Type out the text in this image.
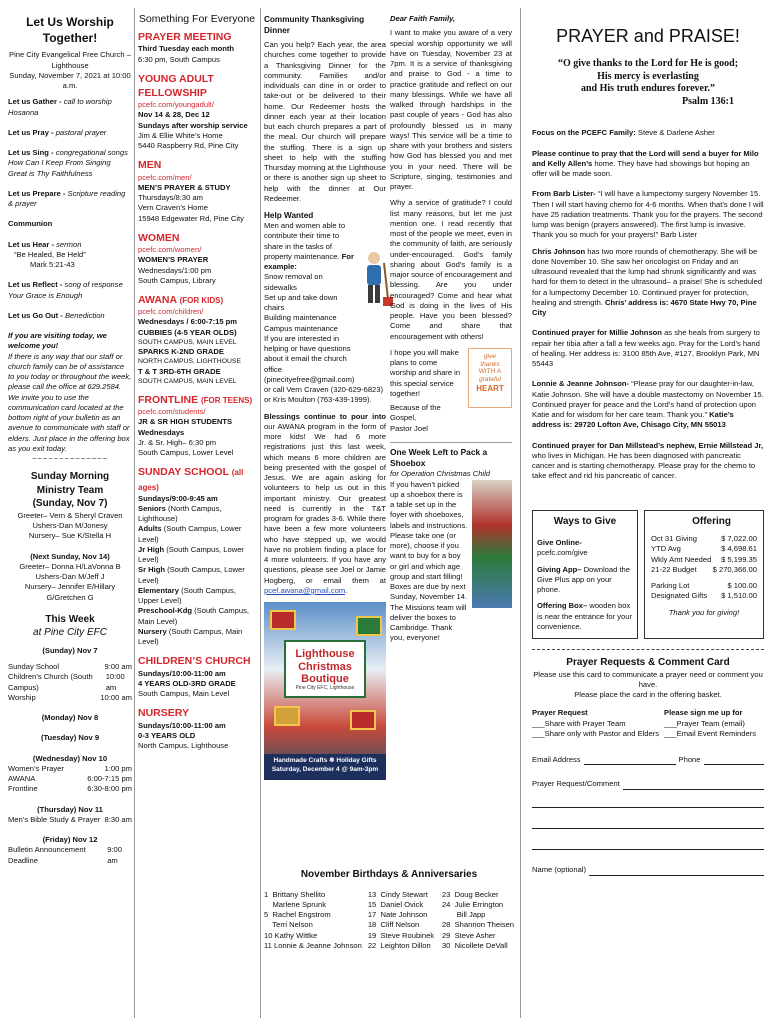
Let Us Worship Together!
Pine City Evangelical Free Church – Lighthouse
Sunday, November 7, 2021 at 10:00 a.m.
Let us Gather - call to worship
Hosanna
Let us Pray - pastoral prayer
Let us Sing - congregational songs
How Can I Keep From Singing
Great is Thy Faithfulness
Let us Prepare - Scripture reading & prayer
Communion
Let us Hear - sermon
“Be Healed, Be Held”
Mark 5:21-43
Let us Reflect - song of response
Your Grace is Enough
Let us Go Out - Benediction
If you are visiting today, we welcome you!
If there is any way that our staff or church family can be of assistance to you today or throughout the week, please call the office at 629.2584. We invite you to use the communication card located at the bottom right of your bulletin as an avenue to communicate with staff or elders. Just place in the offering box as you exit today.
~~~~~~~~~~~~~~
Sunday Morning
Ministry Team
(Sunday, Nov 7)
Greeter– Vern & Sheryl Craven
Ushers-Dan M/Jonesy
Nursery– Sue K/Stella H
(Next Sunday, Nov 14)
Greeter– Donna H/LaVonna B
Ushers-Dan M/Jeff J
Nursery– Jennifer E/Hillary G/Gretchen G
This Week
at Pine City EFC
(Sunday) Nov 7
Sunday School	9:00 am
Children’s Church (South Campus)
10:00 am
Worship	10:00 am
(Monday) Nov 8
(Tuesday) Nov 9
(Wednesday) Nov 10
Women’s Prayer	1:00 pm
AWANA	6:00-7:15 pm
Frontline	6:30-8:00 pm
(Thursday) Nov 11
Men’s Bible Study & Prayer 8:30 am
(Friday) Nov 12
Bulletin Announcement Deadline
9:00 am
Something For Everyone
PRAYER MEETING
Third Tuesday each month
6:30 pm, South Campus
YOUNG ADULT FELLOWSHIP
pcefc.com/youngadult/
Nov 14 & 28, Dec 12
Sundays after worship service
Jim & Ellie White’s Home
5440 Raspberry Rd, Pine City
MEN
pcefc.com/men/
MEN’S PRAYER & STUDY
Thursdays/8:30 am
Vern Craven’s Home
15948 Edgewater Rd, Pine City
WOMEN
pcefc.com/women/
WOMEN’S PRAYER
Wednesdays/1:00 pm
South Campus, Library
AWANA (FOR KIDS)
pcefc.com/children/
Wednesdays / 6:00-7:15 pm
CUBBIES (4-5 YEAR OLDS)
SOUTH CAMPUS, MAIN LEVEL
SPARKS K-2ND GRADE
NORTH CAMPUS, LIGHTHOUSE
T & T 3RD-6TH GRADE
SOUTH CAMPUS, MAIN LEVEL
FRONTLINE (FOR TEENS)
pcefc.com/students/
JR & SR HIGH STUDENTS
Wednesdays
Jr. & Sr. High– 6:30 pm
South Campus, Lower Level
SUNDAY SCHOOL (all ages)
Sundays/9:00-9:45 am
Seniors (North Campus, Lighthouse)
Adults (South Campus, Lower Level)
Jr High (South Campus, Lower Level)
Sr High (South Campus, Lower Level)
Elementary (South Campus, Upper Level)
Preschool-Kdg (South Campus, Main Level)
Nursery (South Campus, Main Level)
CHILDREN’S CHURCH
Sundays/10:00-11:00 am
4 YEARS OLD-3RD GRADE
South Campus, Main Level
NURSERY
Sundays/10:00-11:00 am
0-3 YEARS OLD
North Campus, Lighthouse
Community Thanksgiving Dinner
Can you help? Each year, the area churches come together to provide a Thanksgiving Dinner for the community. Families and/or individuals can dine in or order to take-out or be delivered to their home. Our Redeemer hosts the dinner each year at their location but each church prepares a part of the meal. Our church will prepare the stuffing. There is a sign up sheet to help with the stuffing Thursday morning at the Lighthouse or there is another sign up sheet to help with the dinner at Our Redeemer.
Help Wanted
Men and women able to contribute their time to share in the tasks of property maintenance. For example:
Snow removal on sidewalks
Set up and take down chairs
Building maintenance
Campus maintenance
If you are interested in helping or have questions about it email the church office (pinecityefree@gmail.com)
or call Vern Craven (320-629-6823)
or Kris Moulton (763-439-1999).
Blessings continue to pour into our AWANA program in the form of more kids! We had 6 more registrations just this last week, which means 6 more children are being presented with the gospel of Jesus. We are again asking for volunteers to help us out in this important ministry. Our greatest need is currently in the T&T program for grades 3-6. While there have been a few more volunteers who have stepped up, we would have no problem finding a place for 4 more volunteers. If you have any questions, please see Joel or Jamie Hogberg, or email them at pcef.awana@gmail.com.
Lighthouse
Christmas
Boutique
Pine City EFC, Lighthouse
Handmade Crafts ❄ Holiday Gifts
Saturday, December 4 @ 9am-3pm
Dear Faith Family,
I want to make you aware of a very special worship opportunity we will have on Tuesday, November 23 at 7pm. It is a service of thanksgiving and praise to God - a time to practice gratitude and reflect on our many blessings. While we have all walked through hardships in the past couple of years - God has also profoundly blessed us in many ways! This service will be a time to share with your brothers and sisters how God has blessed you and met you in your need. There will be Scripture, singing, testimonies and prayer.
Why a service of gratitude? I could list many reasons, but let me just mention one. I read recently that most of the people we meet, even in the community of faith, are seriously under-encouraged. God’s family sharing about God’s family is a major source of encouragement and blessing. Are you under encouraged? Come and hear what God is doing in the lives of His people. Have you been blessed? Come and share that encouragement with others!
I hope you will make plans to come worship and share in this special service together!
Because of the Gospel,
Pastor Joel
give
thanks
WITH A
grateful
HEART
One Week Left to Pack a Shoebox
for Operation Christmas Child
If you haven’t picked up a shoebox there is a table set up in the foyer with shoeboxes, labels and instructions. Please take one (or more), choose if you want to buy for a boy or girl and which age group and start filling! Boxes are due by next Sunday, November 14. The Missions team will deliver the boxes to Cambridge. Thank you, everyone!
November Birthdays & Anniversaries
1  Brittany Shellito
Marlene Sprunk
5  Rachel Engstrom
Terri Nelson
10 Kathy Wittke
11 Lonnie & Jeanne Johnson
13  Cindy Stewart
15  Daniel Ovick
17  Nate Johnson
18  Cliff Nelson
19  Steve Roubinek
22  Leighton Dillon
23  Doug Becker
24  Julie Errington
Bill Japp
28  Shannon Theisen
29  Steve Asher
30  Nicollete DeVall
PRAYER and PRAISE!
“O give thanks to the Lord for He is good;
His mercy is everlasting
and His truth endures forever.”
Psalm 136:1
Focus on the PCEFC Family: Steve & Darlene Asher
Please continue to pray that the Lord will send a buyer for Milo and Kelly Allen’s home. They have had showings but hoping an offer will be made soon.
From Barb Lister- “I will have a lumpectomy surgery November 15. Then I will start having chemo for 4-6 months. When that’s done I will have 25 radiation treatments. Thank you for the prayers. The second lump was benign (prayers answered). The first lump is invasive. Thank you so much for your prayers!” Barb Lister
Chris Johnson has two more rounds of chemotherapy. She will be done November 10. She saw her oncologist on Friday and an ultrasound revealed that the lump had shrunk significantly and was hard for them to detect in the ultrasound– a praise! She is scheduled for a lumpectomy December 10. Continued prayer for protection, healing and strength. Chris’ address is: 4670 State Hwy 70, Pine City
Continued prayer for Millie Johnson as she heals from surgery to repair her tibia after a fall a few weeks ago. Pray for the Lord’s hand of healing. Her address is: 3100 85th Ave, #127, Brooklyn Park, MN 55443
Lonnie & Jeanne Johnson- “Please pray for our daughter-in-law, Katie Johnson. She will have a double mastectomy on November 15. Continued prayer for peace and the Lord’s hand of protection upon Katie and for wisdom for her care team. Thank you.” Katie’s address is: 29720 Lofton Ave, Chisago City, MN 55013
Continued prayer for Dan Millstead’s nephew, Ernie Millstead Jr, who lives in Michigan. He has been diagnosed with pancreatic cancer and is starting chemotherapy. Please pray for the chemo to take effect and rid his pancreatic of cancer.
Ways to Give
Give Online- pcefc.com/give
Giving App– Download the Give Plus app on your phone.
Offering Box– wooden box is near the entrance for your convenience.
Offering
Oct 31 Giving	$ 7,022.00
YTD Avg	$ 4,698.61
Wkly Amt Needed $ 5,199.35
21-22 Budget $ 270,366.00
Parking Lot	$ 100.00
Designated Gifts $ 1,510.00
Thank you for giving!
Prayer Requests & Comment Card
Please use this card to communicate a prayer need or comment you have.
Please place the card in the offering basket.
Prayer Request
___Share with Prayer Team
___Share only with Pastor and Elders
Please sign me up for
___Prayer Team (email)
___Email Event Reminders
Email Address	Phone
Prayer Request/Comment

Name (optional)
